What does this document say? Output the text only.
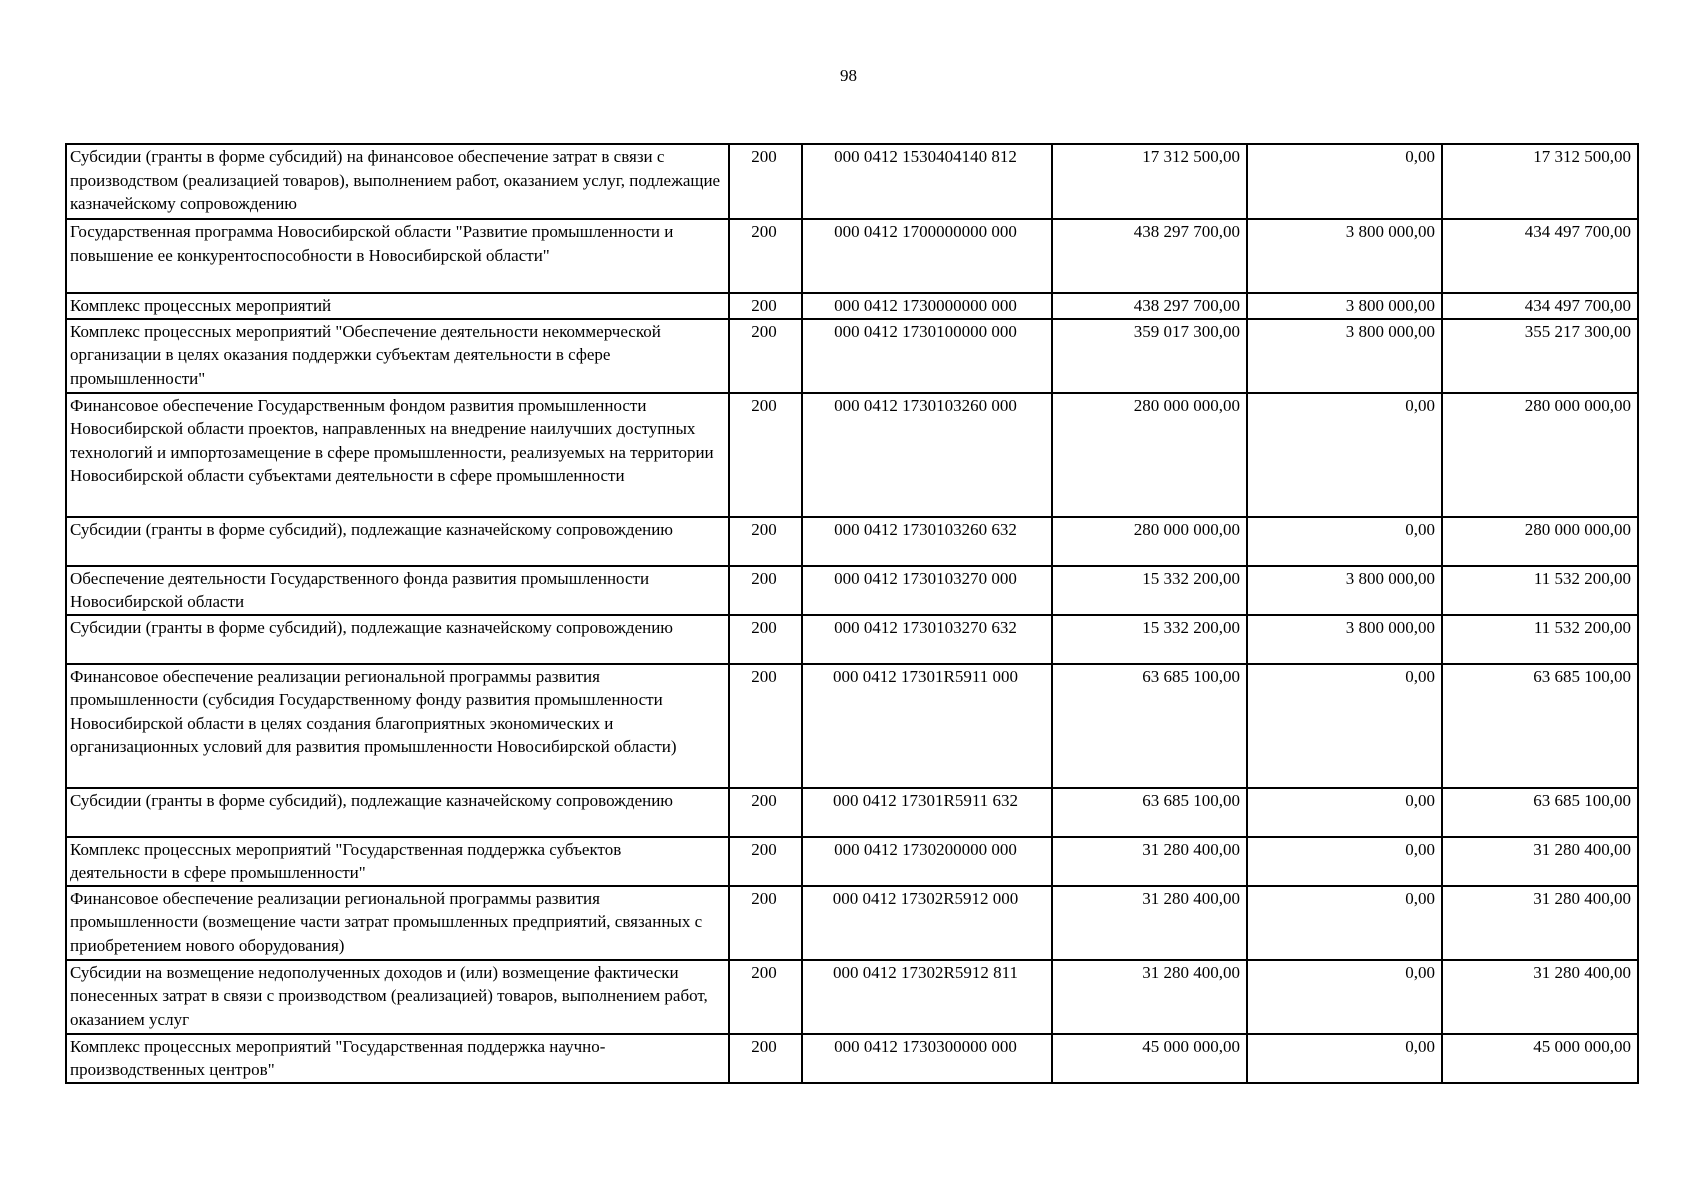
98
Субсидии (гранты в форме субсидий) на финансовое обеспечение затрат в связи с производством (реализацией товаров), выполнением работ, оказанием услуг, подлежащие казначейскому сопровождению	200	000 0412 1530404140 812	17 312 500,00	0,00	17 312 500,00
Государственная программа Новосибирской области "Развитие промышленности и повышение ее конкурентоспособности в Новосибирской области"	200	000 0412 1700000000 000	438 297 700,00	3 800 000,00	434 497 700,00
Комплекс процессных мероприятий	200	000 0412 1730000000 000	438 297 700,00	3 800 000,00	434 497 700,00
Комплекс процессных мероприятий "Обеспечение деятельности некоммерческой организации в целях оказания поддержки субъектам деятельности в сфере промышленности"	200	000 0412 1730100000 000	359 017 300,00	3 800 000,00	355 217 300,00
Финансовое обеспечение Государственным фондом развития промышленности Новосибирской области проектов, направленных на внедрение наилучших доступных технологий и импортозамещение в сфере промышленности, реализуемых на территории Новосибирской области субъектами деятельности в сфере промышленности	200	000 0412 1730103260 000	280 000 000,00	0,00	280 000 000,00
Субсидии (гранты в форме субсидий), подлежащие казначейскому сопровождению	200	000 0412 1730103260 632	280 000 000,00	0,00	280 000 000,00
Обеспечение деятельности Государственного фонда развития промышленности Новосибирской области	200	000 0412 1730103270 000	15 332 200,00	3 800 000,00	11 532 200,00
Субсидии (гранты в форме субсидий), подлежащие казначейскому сопровождению	200	000 0412 1730103270 632	15 332 200,00	3 800 000,00	11 532 200,00
Финансовое обеспечение реализации региональной программы развития промышленности (субсидия Государственному фонду развития промышленности Новосибирской области в целях создания благоприятных экономических и организационных условий для развития промышленности Новосибирской области)	200	000 0412 17301R5911 000	63 685 100,00	0,00	63 685 100,00
Субсидии (гранты в форме субсидий), подлежащие казначейскому сопровождению	200	000 0412 17301R5911 632	63 685 100,00	0,00	63 685 100,00
Комплекс процессных мероприятий "Государственная поддержка субъектов деятельности в сфере промышленности"	200	000 0412 1730200000 000	31 280 400,00	0,00	31 280 400,00
Финансовое обеспечение реализации региональной программы развития промышленности (возмещение части затрат промышленных предприятий, связанных с приобретением нового оборудования)	200	000 0412 17302R5912 000	31 280 400,00	0,00	31 280 400,00
Субсидии на возмещение недополученных доходов и (или) возмещение фактически понесенных затрат в связи с производством (реализацией) товаров, выполнением работ, оказанием услуг	200	000 0412 17302R5912 811	31 280 400,00	0,00	31 280 400,00
Комплекс процессных мероприятий "Государственная поддержка научно-производственных центров"	200	000 0412 1730300000 000	45 000 000,00	0,00	45 000 000,00
